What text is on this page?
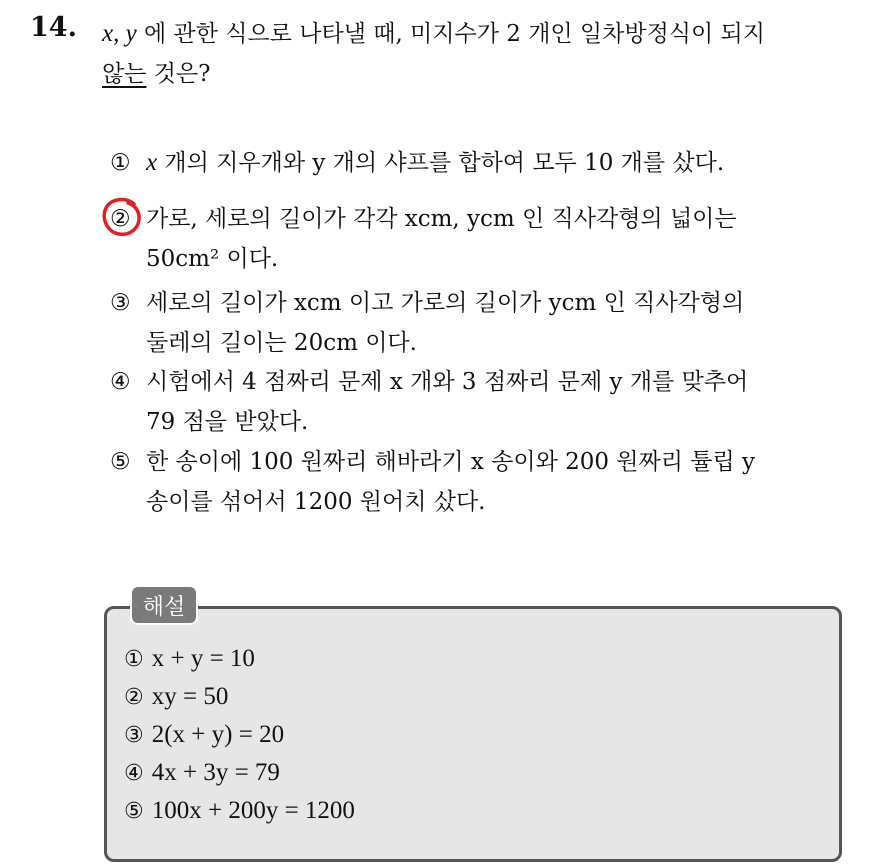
14. x, y 에 관한 식으로 나타낼 때, 미지수가 2 개인 일차방정식이 되지
않는 것은?
① x 개의 지우개와 y 개의 샤프를 합하여 모두 10 개를 샀다.
② 가로, 세로의 길이가 각각 xcm, ycm 인 직사각형의 넓이는
50cm² 이다.
③ 세로의 길이가 xcm 이고 가로의 길이가 ycm 인 직사각형의
둘레의 길이는 20cm 이다.
④ 시험에서 4 점짜리 문제 x 개와 3 점짜리 문제 y 개를 맞추어
79 점을 받았다.
⑤ 한 송이에 100 원짜리 해바라기 x 송이와 200 원짜리 튤립 y
송이를 섞어서 1200 원어치 샀다.
해설
① x + y = 10
② xy = 50
③ 2(x + y) = 20
④ 4x + 3y = 79
⑤ 100x + 200y = 1200
